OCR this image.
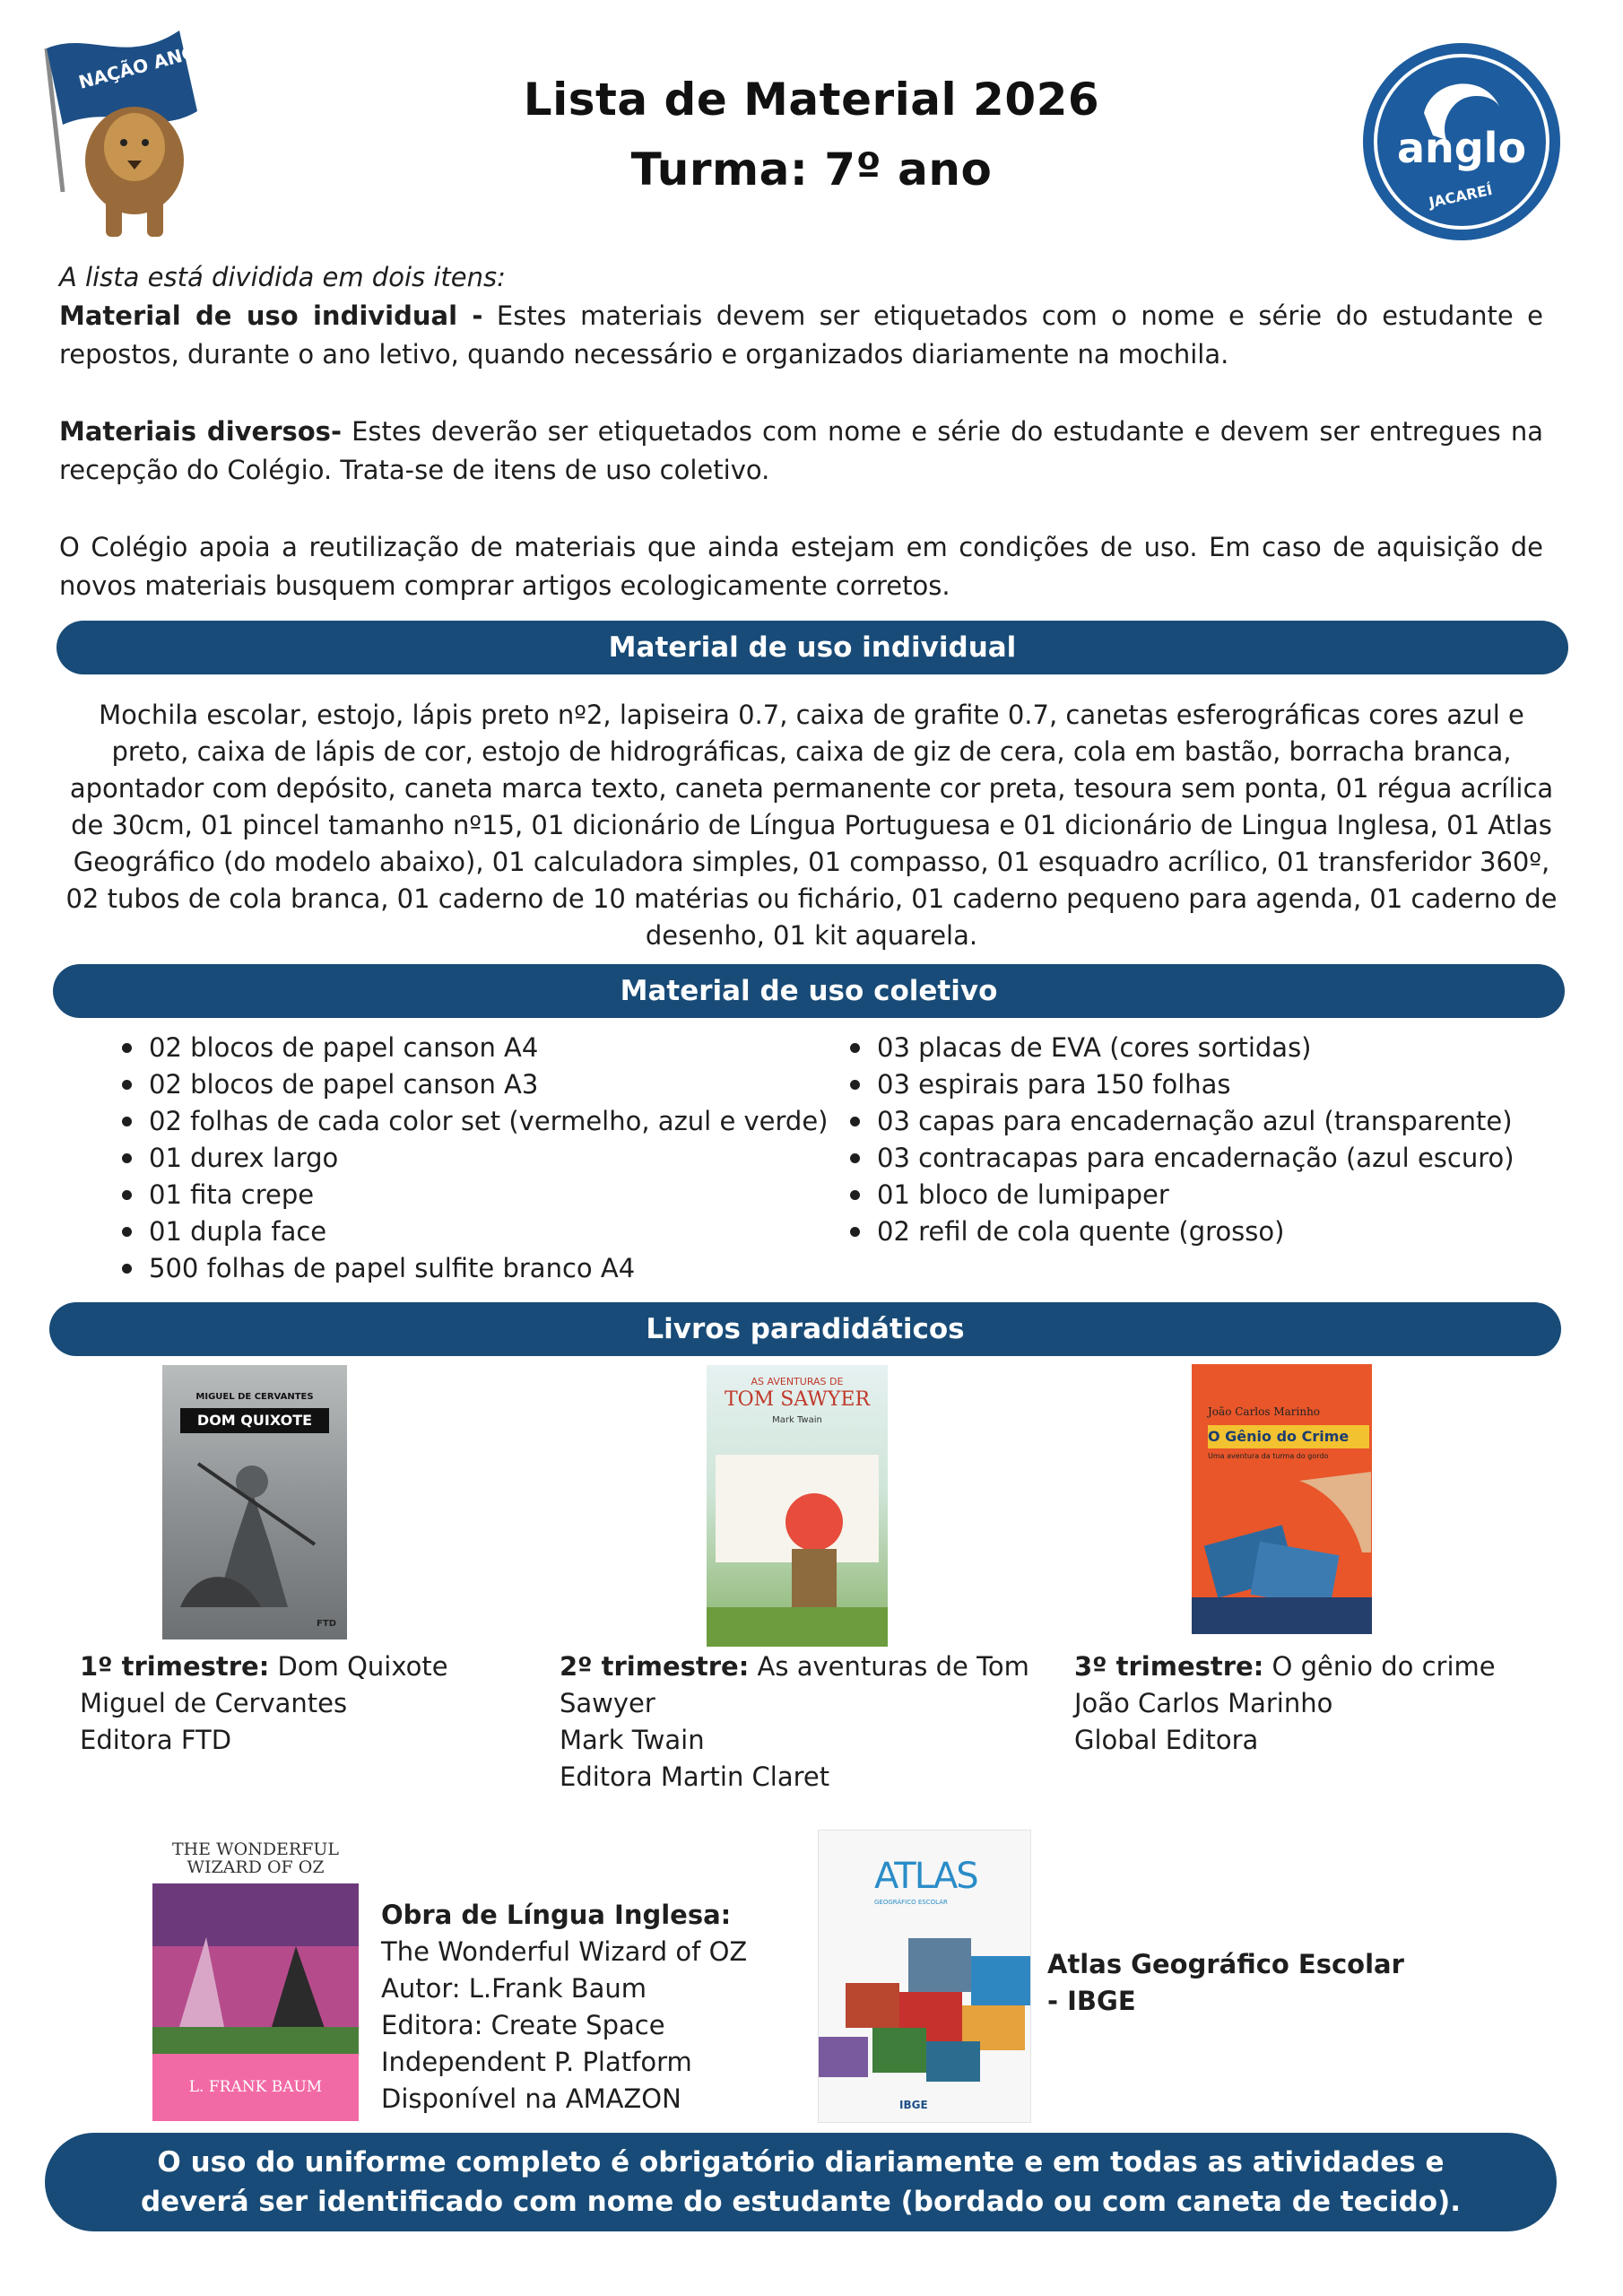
NAÇÃO ANGLO
Lista de Material 2026
Turma: 7º ano	anglo
JACAREÍ

A lista está dividida em dois itens:

Material de uso individual - Estes materiais devem ser etiquetados com o nome e série do estudante e repostos, durante o ano letivo, quando necessário e organizados diariamente na mochila.

Materiais diversos- Estes deverão ser etiquetados com nome e série do estudante e devem ser entregues na recepção do Colégio. Trata-se de itens de uso coletivo.

O Colégio apoia a reutilização de materiais que ainda estejam em condições de uso. Em caso de aquisição de novos materiais busquem comprar artigos ecologicamente corretos.

Material de uso individual
Mochila escolar, estojo, lápis preto nº2, lapiseira 0.7, caixa de grafite 0.7, canetas esferográficas cores azul e preto, caixa de lápis de cor, estojo de hidrográficas, caixa de giz de cera, cola em bastão, borracha branca, apontador com depósito, caneta marca texto, caneta permanente cor preta, tesoura sem ponta, 01 régua acrílica de 30cm, 01 pincel tamanho nº15, 01 dicionário de Língua Portuguesa e 01 dicionário de Lingua Inglesa, 01 Atlas Geográfico (do modelo abaixo), 01 calculadora simples, 01 compasso, 01 esquadro acrílico, 01 transferidor 360º, 02 tubos de cola branca, 01 caderno de 10 matérias ou fichário, 01 caderno pequeno para agenda, 01 caderno de desenho, 01 kit aquarela.
Material de uso coletivo
02 blocos de papel canson A4
02 blocos de papel canson A3
02 folhas de cada color set (vermelho, azul e verde)
01 durex largo
01 fita crepe
01 dupla face
500 folhas de papel sulfite branco A4
03 placas de EVA (cores sortidas)
03 espirais para 150 folhas
03 capas para encadernação azul (transparente)
03 contracapas para encadernação (azul escuro)
01 bloco de lumipaper
02 refil de cola quente (grosso)
Livros paradidáticos
MIGUEL DE CERVANTES
DOM QUIXOTE
FTD
AS AVENTURAS DE
TOM SAWYER
Mark Twain
João Carlos Marinho
O Gênio do Crime
Uma aventura da turma do gordo
1º trimestre: Dom Quixote
Miguel de Cervantes
Editora FTD
2º trimestre: As aventuras de Tom Sawyer
Mark Twain
Editora Martin Claret
3º trimestre: O gênio do crime
João Carlos Marinho
Global Editora
THE WONDERFUL WIZARD OF OZ
L. FRANK BAUM
Obra de Língua Inglesa:
The Wonderful Wizard of OZ
Autor: L.Frank Baum
Editora: Create Space
Independent P. Platform
Disponível na AMAZON
ATLAS
GEOGRÁFICO ESCOLAR
IBGE
Atlas Geográfico Escolar - IBGE
O uso do uniforme completo é obrigatório diariamente e em todas as atividades e deverá ser identificado com nome do estudante (bordado ou com caneta de tecido).
